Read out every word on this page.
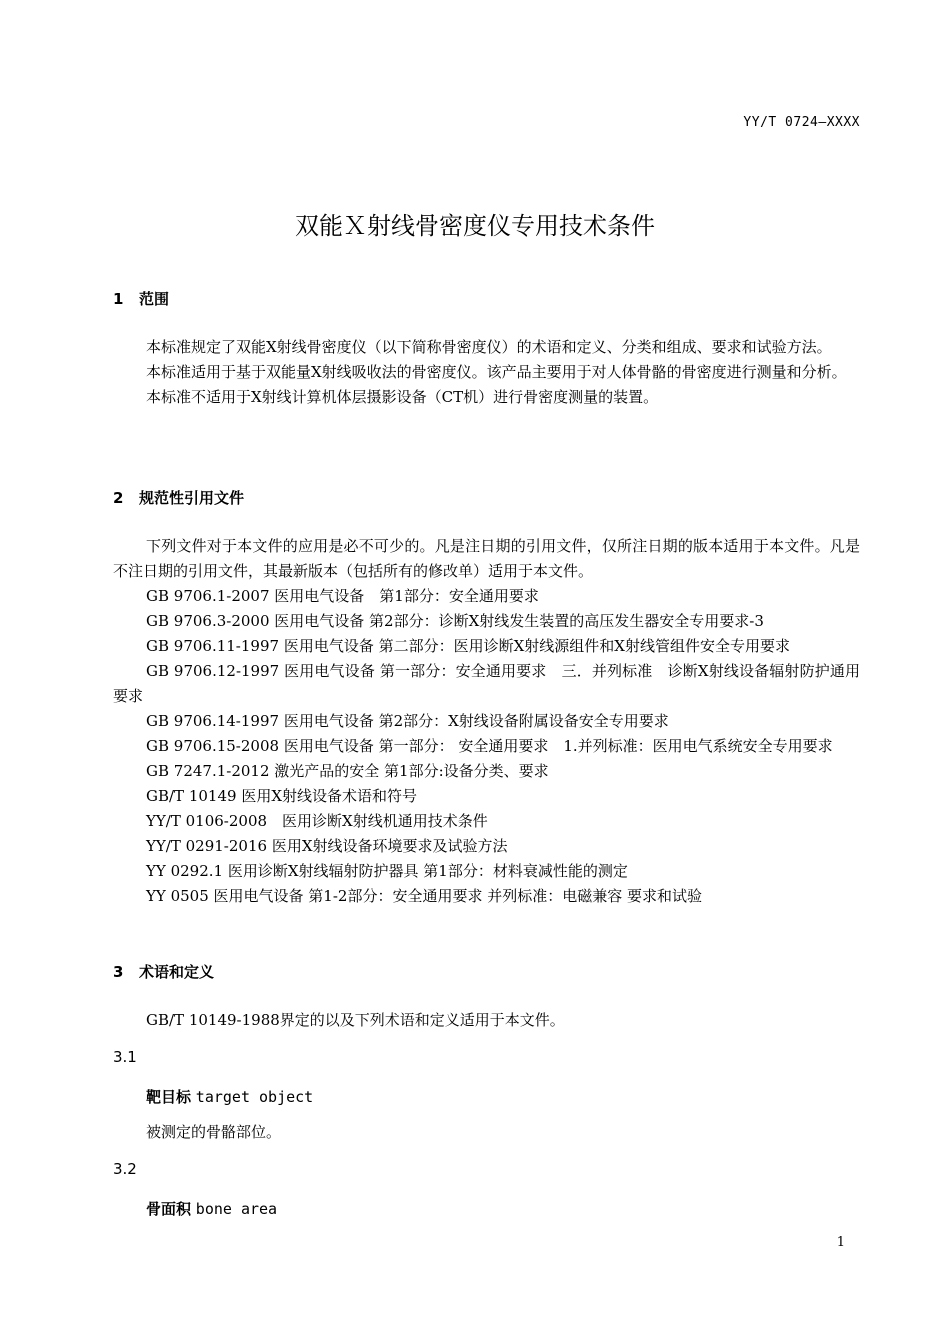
YY/T 0724—XXXX
双能Ｘ射线骨密度仪专用技术条件
1 范围
本标准规定了双能X射线骨密度仪（以下简称骨密度仪）的术语和定义、分类和组成、要求和试验方法。
本标准适用于基于双能量X射线吸收法的骨密度仪。该产品主要用于对人体骨骼的骨密度进行测量和分析。
本标准不适用于X射线计算机体层摄影设备（CT机）进行骨密度测量的装置。
2 规范性引用文件
下列文件对于本文件的应用是必不可少的。凡是注日期的引用文件，仅所注日期的版本适用于本文件。凡是不注日期的引用文件，其最新版本（包括所有的修改单）适用于本文件。
GB 9706.1-2007 医用电气设备　第1部分：安全通用要求
GB 9706.3-2000 医用电气设备 第2部分：诊断X射线发生装置的高压发生器安全专用要求-3
GB 9706.11-1997 医用电气设备 第二部分：医用诊断X射线源组件和X射线管组件安全专用要求
GB 9706.12-1997 医用电气设备 第一部分：安全通用要求　三．并列标准　诊断X射线设备辐射防护通用要求
GB 9706.14-1997 医用电气设备 第2部分：X射线设备附属设备安全专用要求
GB 9706.15-2008 医用电气设备 第一部分： 安全通用要求　1.并列标准：医用电气系统安全专用要求
GB 7247.1-2012 激光产品的安全 第1部分:设备分类、要求
GB/T 10149 医用X射线设备术语和符号
YY/T 0106-2008　医用诊断X射线机通用技术条件
YY/T 0291-2016 医用X射线设备环境要求及试验方法
YY 0292.1 医用诊断X射线辐射防护器具 第1部分：材料衰减性能的测定
YY 0505 医用电气设备 第1-2部分：安全通用要求 并列标准：电磁兼容 要求和试验
3 术语和定义
GB/T 10149-1988界定的以及下列术语和定义适用于本文件。
3.1
靶目标 target object
被测定的骨骼部位。
3.2
骨面积 bone area
1
